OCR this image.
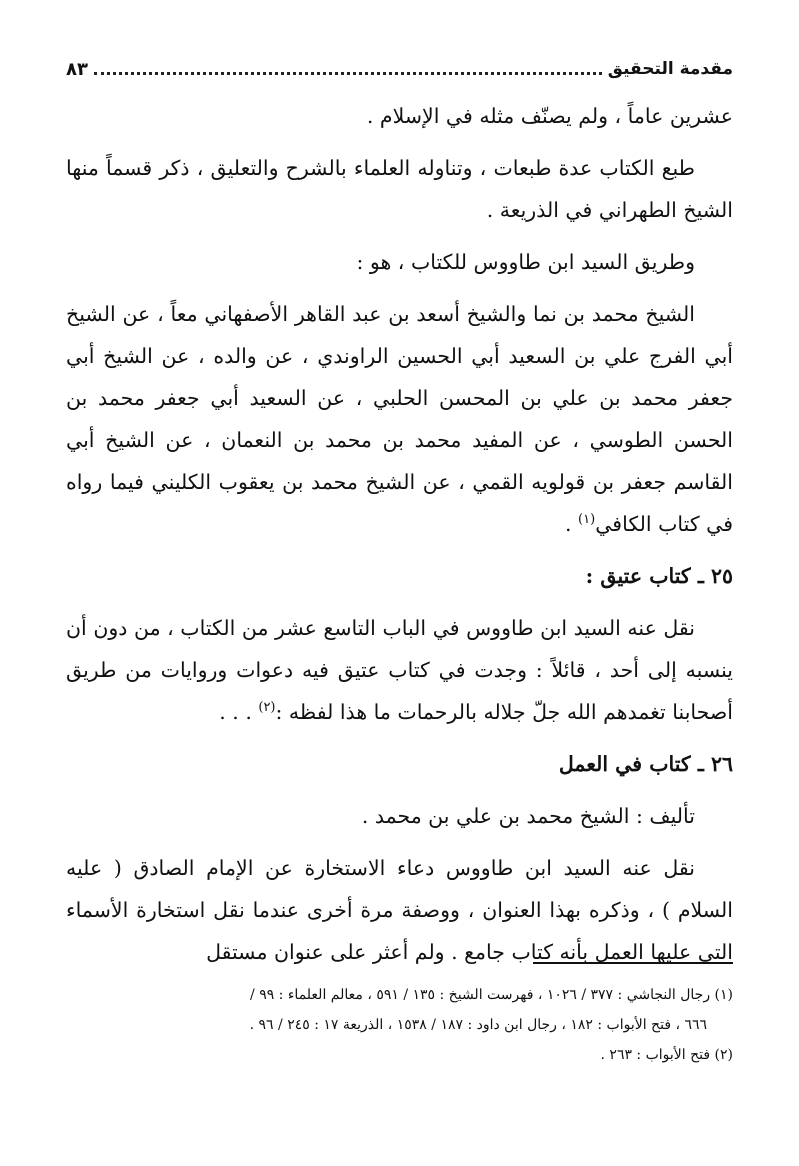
مقدمة التحقيق
٨٣

عشرين عاماً ، ولم يصنّف مثله في الإسلام .

طبع الكتاب عدة طبعات ، وتناوله العلماء بالشرح والتعليق ، ذكر قسماً منها الشيخ الطهراني في الذريعة .

وطريق السيد ابن طاووس للكتاب ، هو :

الشيخ محمد بن نما والشيخ أسعد بن عبد القاهر الأصفهاني معاً ، عن الشيخ أبي الفرج علي بن السعيد أبي الحسين الراوندي ، عن والده ، عن الشيخ أبي جعفر محمد بن علي بن المحسن الحلبي ، عن السعيد أبي جعفر محمد بن الحسن الطوسي ، عن المفيد محمد بن محمد بن النعمان ، عن الشيخ أبي القاسم جعفر بن قولويه القمي ، عن الشيخ محمد بن يعقوب الكليني فيما رواه في كتاب الكافي$^{(١)}$ .

٢٥ ـ كتاب عتيق :

نقل عنه السيد ابن طاووس في الباب التاسع عشر من الكتاب ، من دون أن ينسبه إلى أحد ، قائلاً : وجدت في كتاب عتيق فيه دعوات وروايات من طريق أصحابنا تغمدهم الله جلّ جلاله بالرحمات ما هذا لفظه :$^{(٢)}$ . . .

٢٦ ـ كتاب في العمل

تأليف : الشيخ محمد بن علي بن محمد .

نقل عنه السيد ابن طاووس دعاء الاستخارة عن الإمام الصادق ( عليه السلام ) ، وذكره بهذا العنوان ، ووصفة مرة أخرى عندما نقل استخارة الأسماء التي عليها العمل بأنه كتاب جامع . ولم أعثر على عنوان مستقل

(١) رجال النجاشي : ٣٧٧ / ١٠٢٦ ، فهرست الشيخ : ١٣٥ / ٥٩١ ، معالم العلماء : ٩٩ /
٦٦٦ ، فتح الأبواب : ١٨٢ ، رجال ابن داود : ١٨٧ / ١٥٣٨ ، الذريعة ١٧ : ٢٤٥ / ٩٦ .
(٢) فتح الأبواب : ٢٦٣ .
